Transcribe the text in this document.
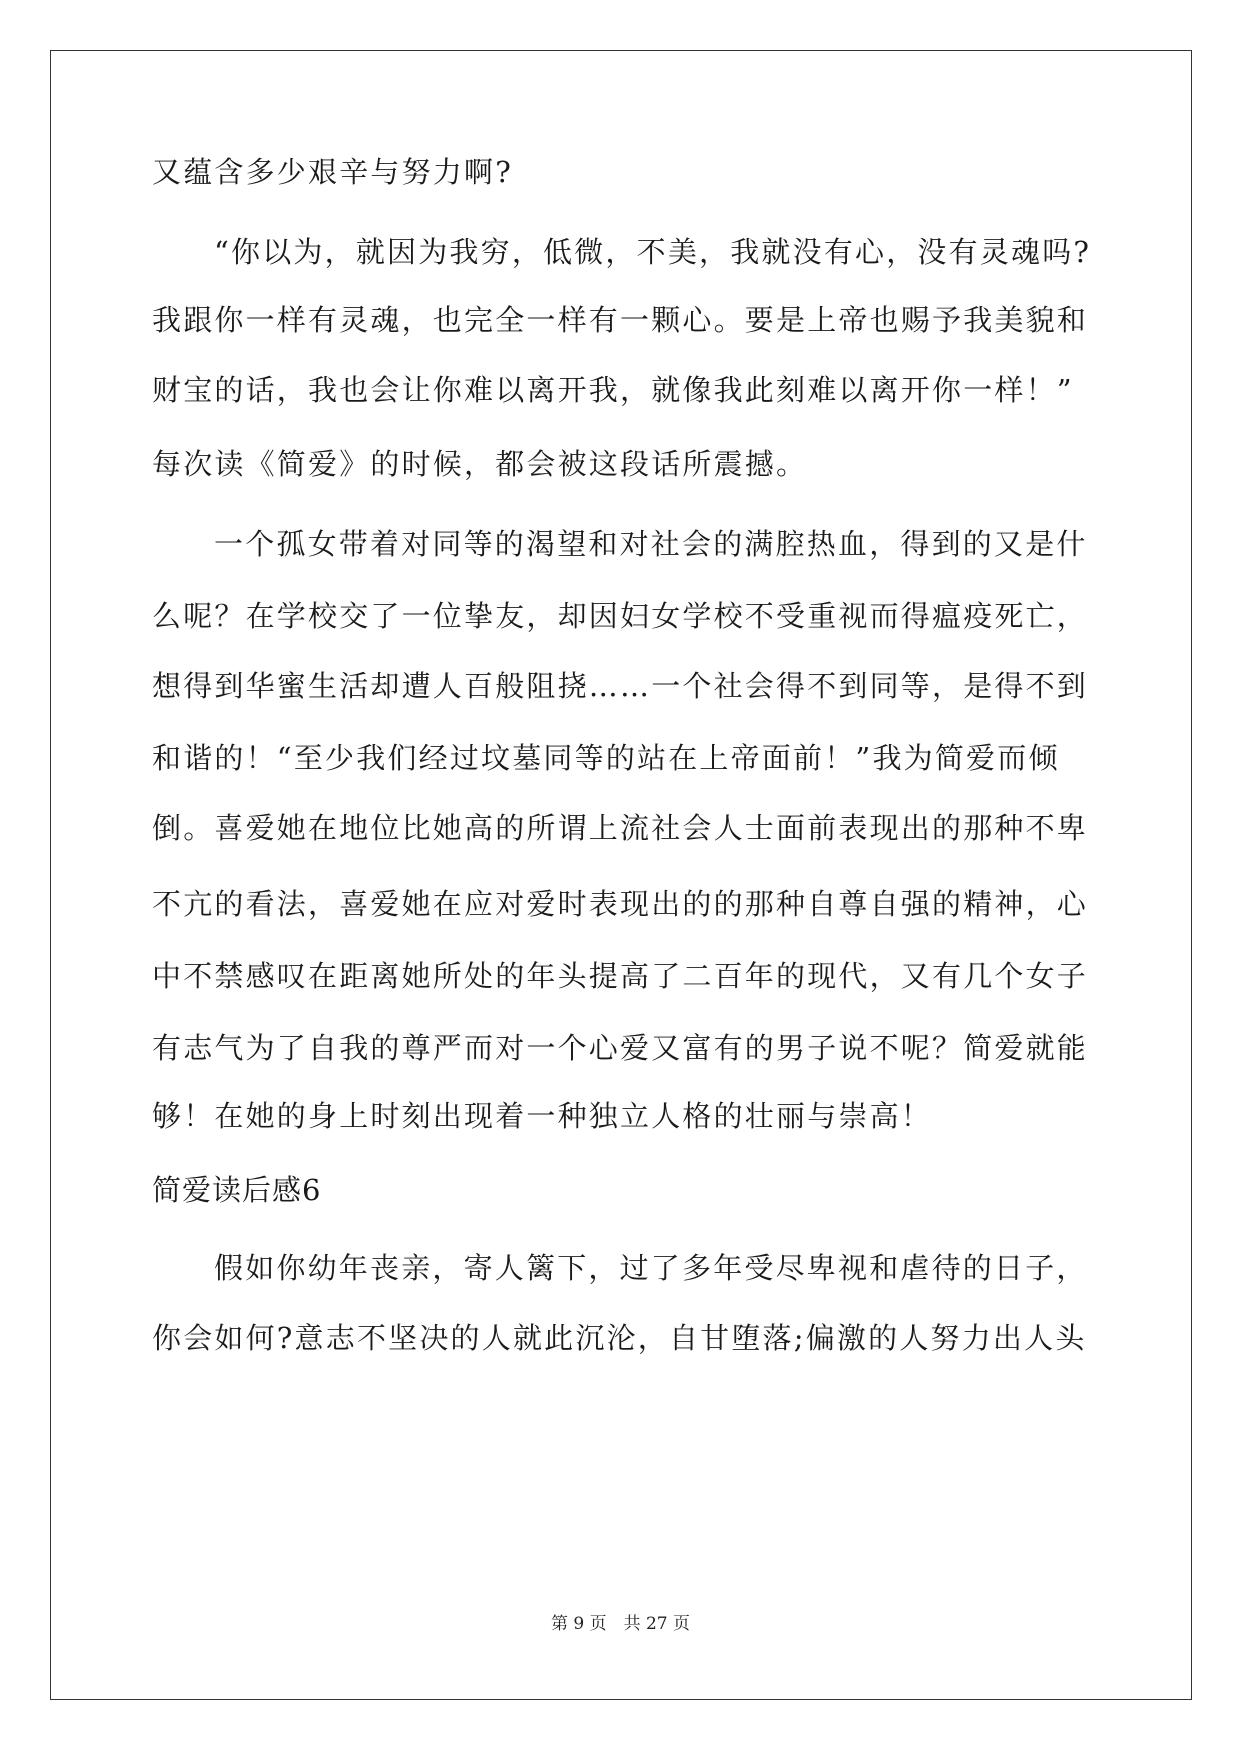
又蕴含多少艰辛与努力啊?
“你以为，就因为我穷，低微，不美，我就没有心，没有灵魂吗?
我跟你一样有灵魂，也完全一样有一颗心。要是上帝也赐予我美貌和
财宝的话，我也会让你难以离开我，就像我此刻难以离开你一样！”
每次读《简爱》的时候，都会被这段话所震撼。
一个孤女带着对同等的渴望和对社会的满腔热血，得到的又是什
么呢？在学校交了一位挚友，却因妇女学校不受重视而得瘟疫死亡，
想得到华蜜生活却遭人百般阻挠……一个社会得不到同等，是得不到
和谐的！“至少我们经过坟墓同等的站在上帝面前！”我为简爱而倾
倒。喜爱她在地位比她高的所谓上流社会人士面前表现出的那种不卑
不亢的看法，喜爱她在应对爱时表现出的的那种自尊自强的精神，心
中不禁感叹在距离她所处的年头提高了二百年的现代，又有几个女子
有志气为了自我的尊严而对一个心爱又富有的男子说不呢？简爱就能
够！在她的身上时刻出现着一种独立人格的壮丽与崇高！
简爱读后感6
假如你幼年丧亲，寄人篱下，过了多年受尽卑视和虐待的日子，
你会如何?意志不坚决的人就此沉沦，自甘堕落;偏激的人努力出人头
第 9 页　共 27 页
